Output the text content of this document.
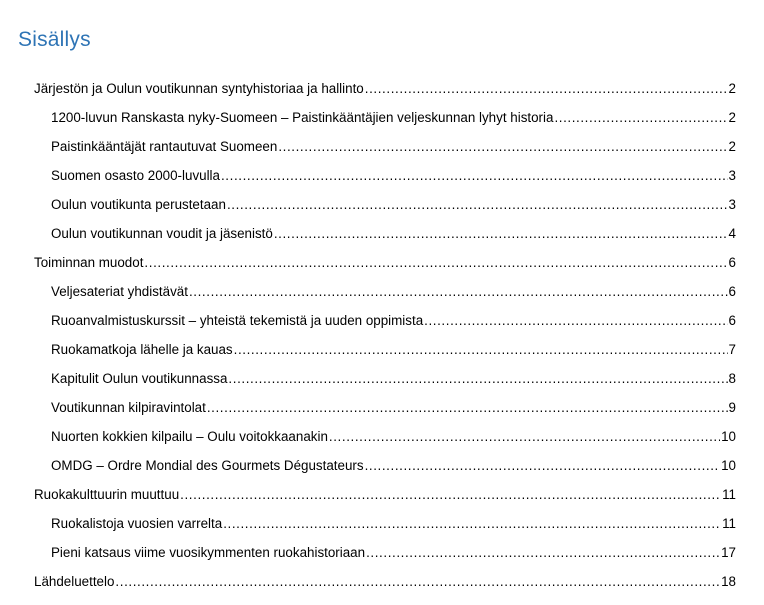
Sisällys
Järjestön ja Oulun voutikunnan syntyhistoriaa ja hallinto .....	2
1200-luvun Ranskasta nyky-Suomeen – Paistinkääntäjien veljeskunnan lyhyt historia .....	2
Paistinkääntäjät rantautuvat Suomeen .....	2
Suomen osasto 2000-luvulla .....	3
Oulun voutikunta perustetaan .....	3
Oulun voutikunnan voudit ja jäsenistö .....	4
Toiminnan muodot .....	6
Veljesateriat yhdistävät .....	6
Ruoanvalmistuskurssit – yhteistä tekemistä ja uuden oppimista .....	6
Ruokamatkoja lähelle ja kauas .....	7
Kapitulit Oulun voutikunnassa .....	8
Voutikunnan kilpiravintolat .....	9
Nuorten kokkien kilpailu – Oulu voitokkaanakin .....	10
OMDG – Ordre Mondial des Gourmets Dégustateurs .....	10
Ruokakulttuurin muuttuu .....	11
Ruokalistoja vuosien varrelta .....	11
Pieni katsaus viime vuosikymmenten ruokahistoriaan .....	17
Lähdeluettelo .....	18
